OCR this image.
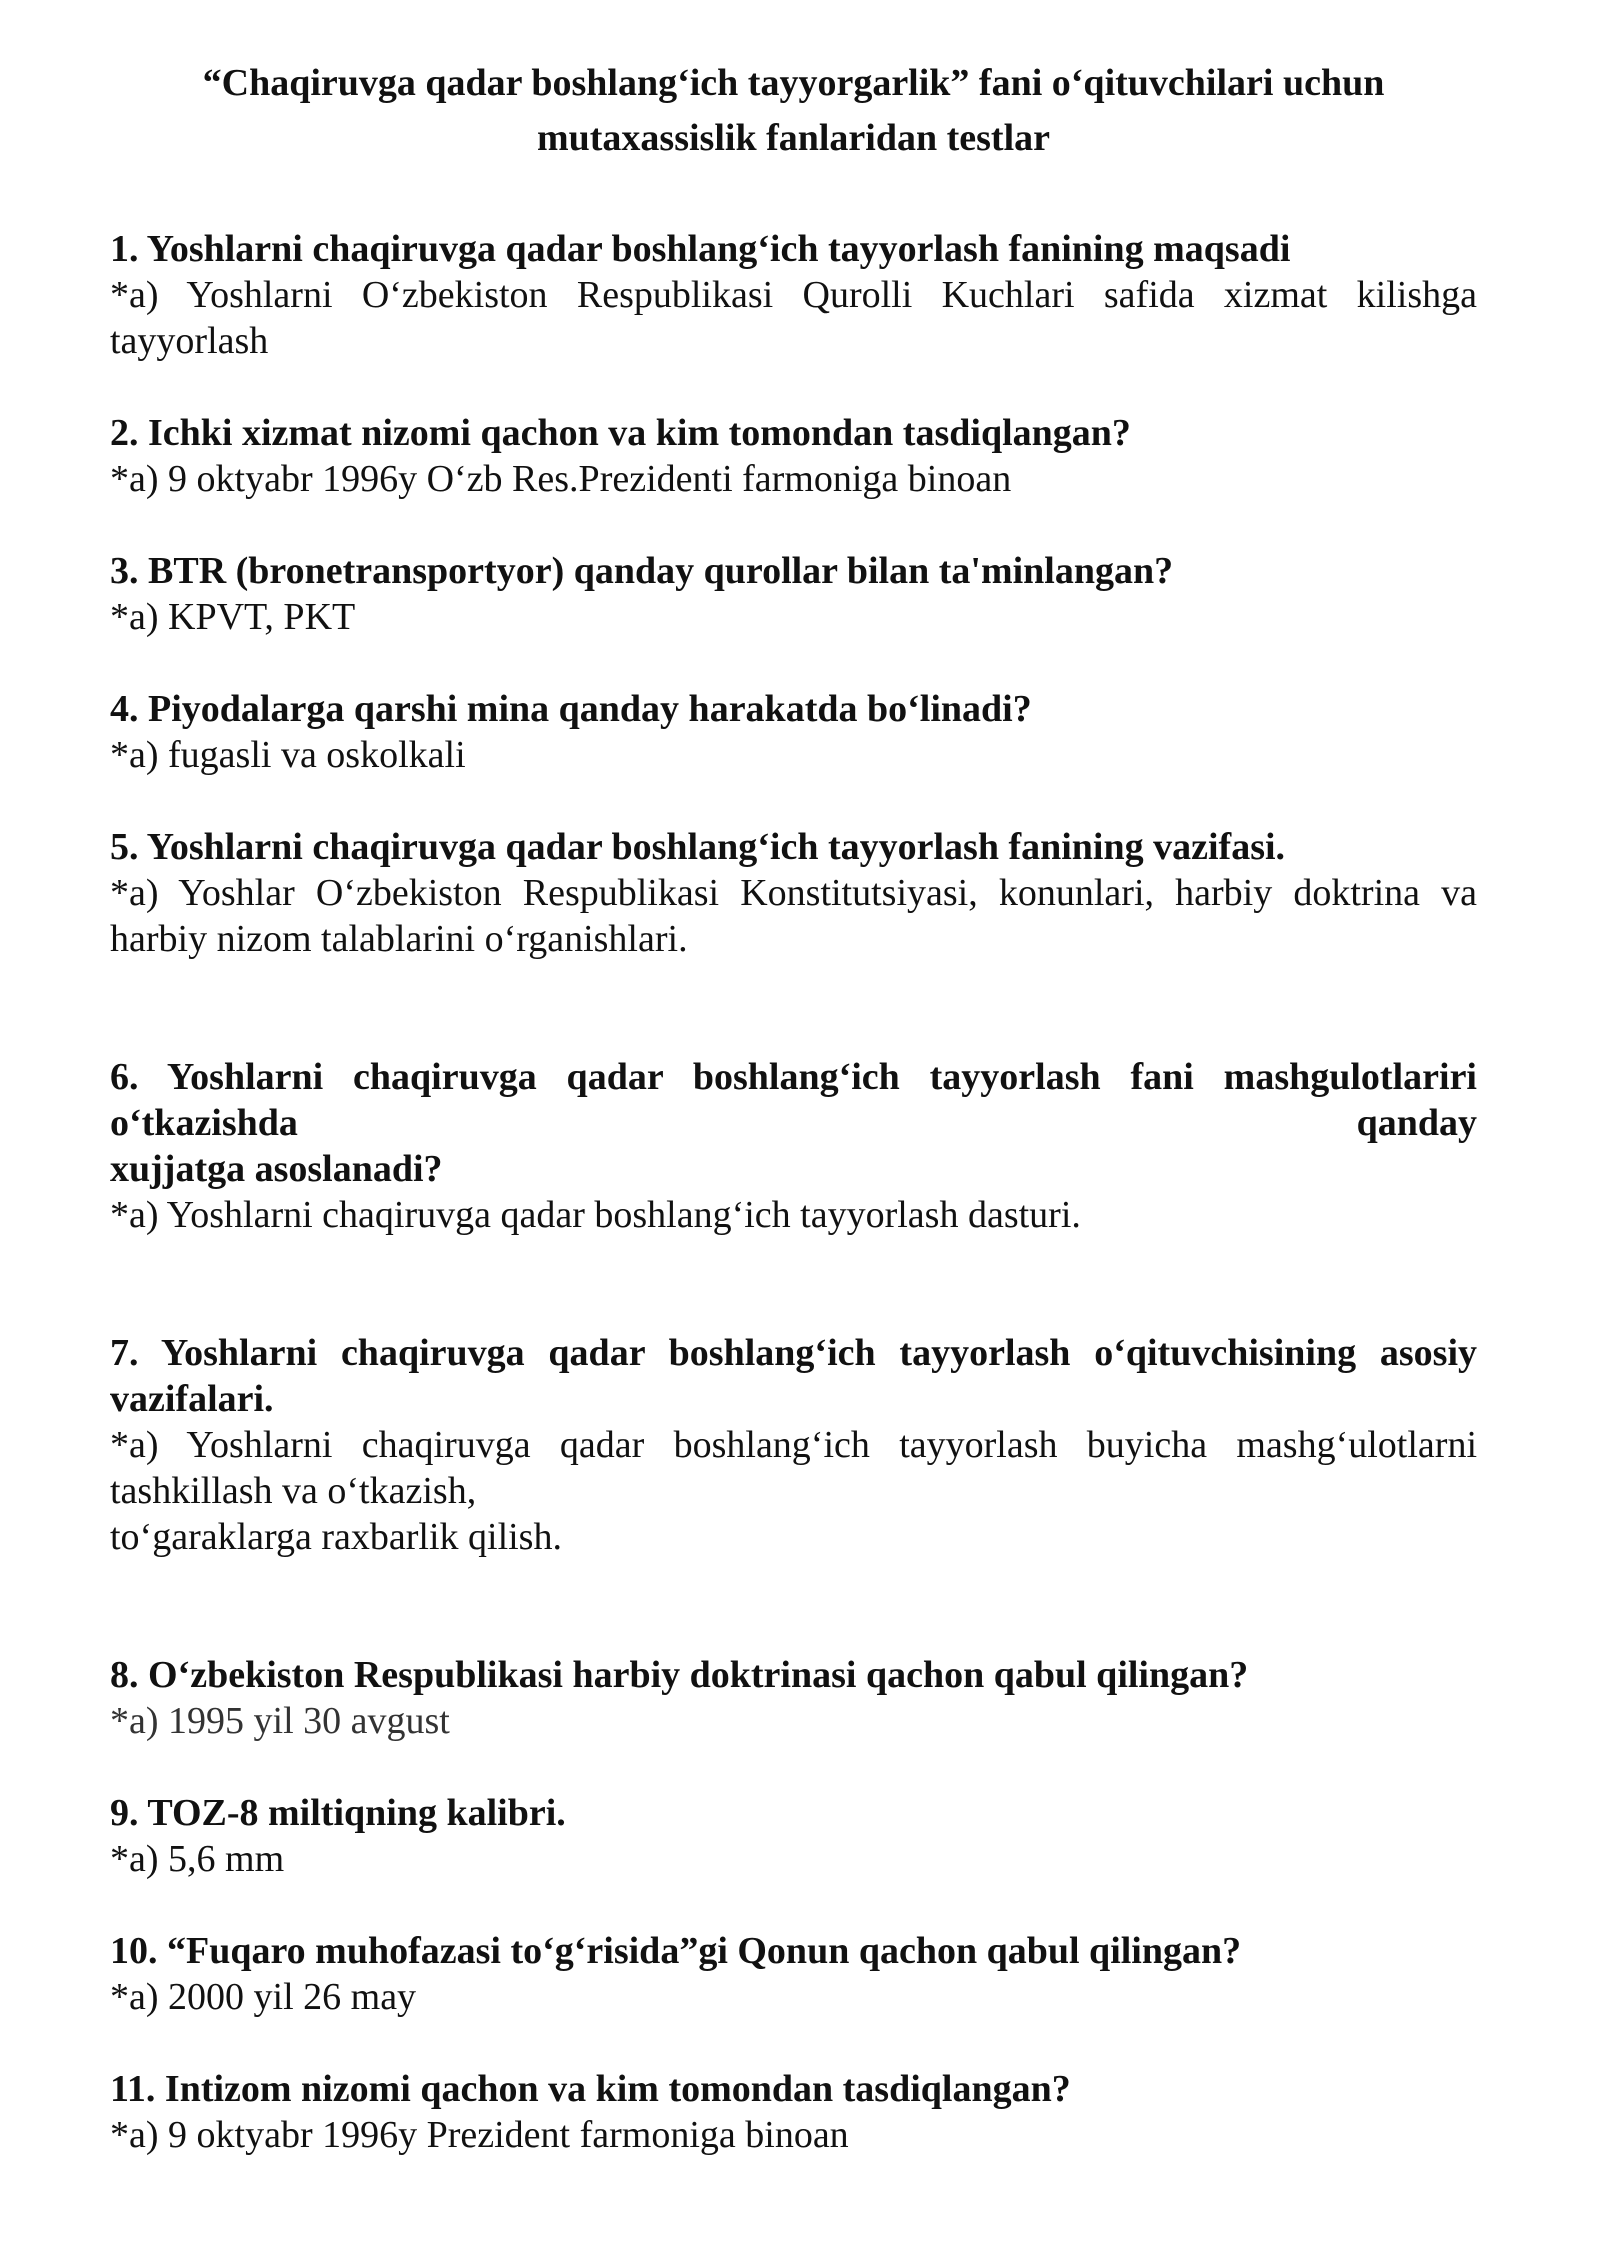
“Chaqiruvga qadar boshlang‘ich tayyorgarlik” fani o‘qituvchilari uchun
mutaxassislik fanlaridan testlar

1. Yoshlarni chaqiruvga qadar boshlang‘ich tayyorlash fanining maqsadi

*a) Yoshlarni O‘zbekiston Respublikasi Qurolli Kuchlari safida xizmat kilishga tayyorlash

2. Ichki xizmat nizomi qachon va kim tomondan tasdiqlangan?

*a) 9 oktyabr 1996y O‘zb Res.Prezidenti farmoniga binoan

3. BTR (bronetransportyor) qanday qurollar bilan ta'minlangan?

*a) KPVT, PKT

4. Piyodalarga qarshi mina qanday harakatda bo‘linadi?

*a) fugasli va oskolkali

5. Yoshlarni chaqiruvga qadar boshlang‘ich tayyorlash fanining vazifasi.

*a) Yoshlar O‘zbekiston Respublikasi Konstitutsiyasi, konunlari, harbiy doktrina va harbiy nizom talablarini o‘rganishlari.

6. Yoshlarni chaqiruvga qadar boshlang‘ich tayyorlash fani mashgulotlariri o‘tkazishda qanday
xujjatga asoslanadi?

*a) Yoshlarni chaqiruvga qadar boshlang‘ich tayyorlash dasturi.

7. Yoshlarni chaqiruvga qadar boshlang‘ich tayyorlash o‘qituvchisining asosiy vazifalari.

*a) Yoshlarni chaqiruvga qadar boshlang‘ich tayyorlash buyicha mashg‘ulotlarni tashkillash va o‘tkazish,
to‘garaklarga raxbarlik qilish.

8. O‘zbekiston Respublikasi harbiy doktrinasi qachon qabul qilingan?

*a) 1995 yil 30 avgust

9. TOZ-8 miltiqning kalibri.

*a) 5,6 mm

10. “Fuqaro muhofazasi to‘g‘risida”gi Qonun qachon qabul qilingan?

*a) 2000 yil 26 may

11. Intizom nizomi qachon va kim tomondan tasdiqlangan?

*a) 9 oktyabr 1996y Prezident farmoniga binoan
